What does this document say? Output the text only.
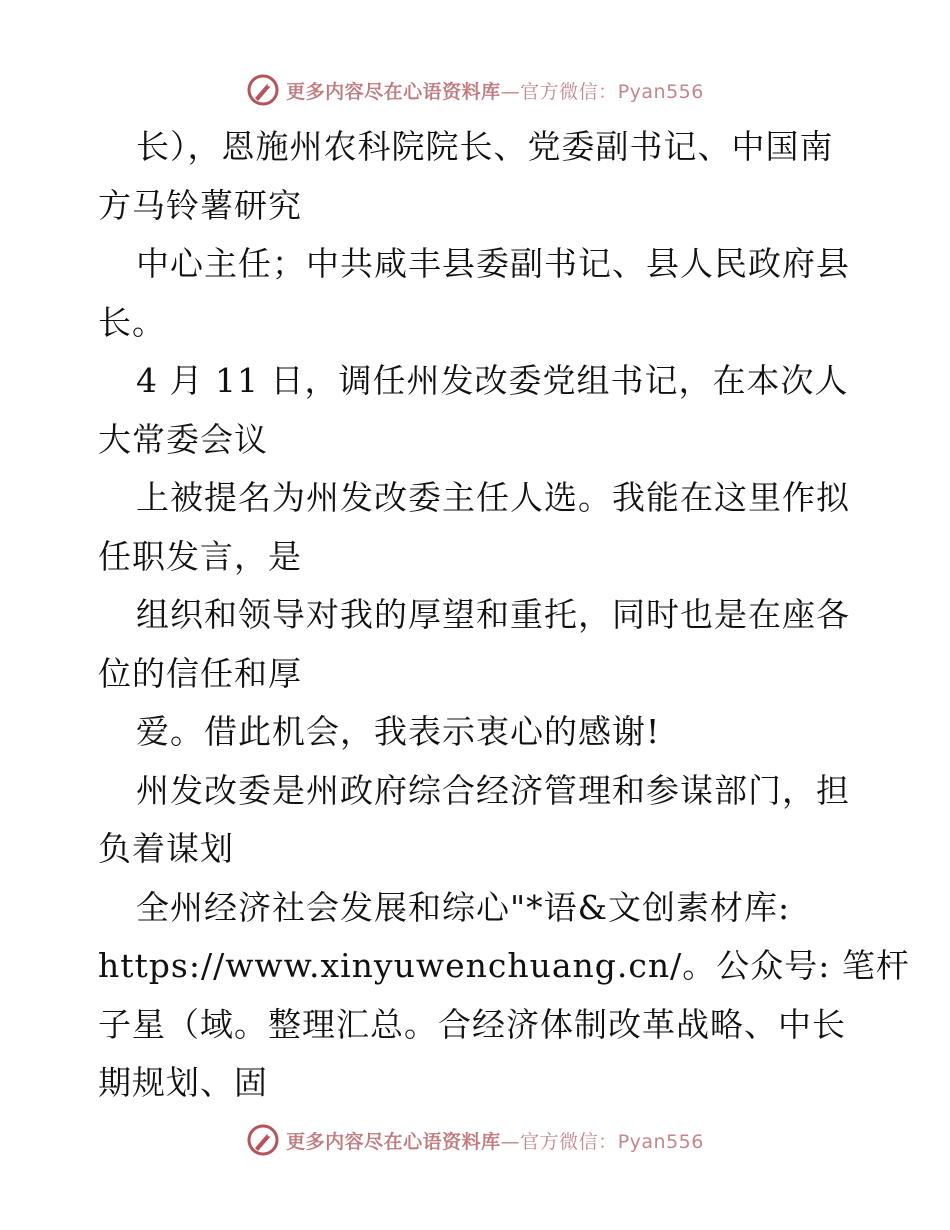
更多内容尽在心语资料库—官方微信：Pyan556
长），恩施州农科院院长、党委副书记、中国南
方马铃薯研究
中心主任；中共咸丰县委副书记、县人民政府县
长。
4 月 11 日，调任州发改委党组书记，在本次人
大常委会议
上被提名为州发改委主任人选。我能在这里作拟
任职发言，是
组织和领导对我的厚望和重托，同时也是在座各
位的信任和厚
爱。借此机会，我表示衷心的感谢!
州发改委是州政府综合经济管理和参谋部门，担
负着谋划
全州经济社会发展和综心"*语&文创素材库:
https://www.xinyuwenchuang.cn/。公众号: 笔杆
子星（域。整理汇总。合经济体制改革战略、中长
期规划、固
更多内容尽在心语资料库—官方微信：Pyan556
